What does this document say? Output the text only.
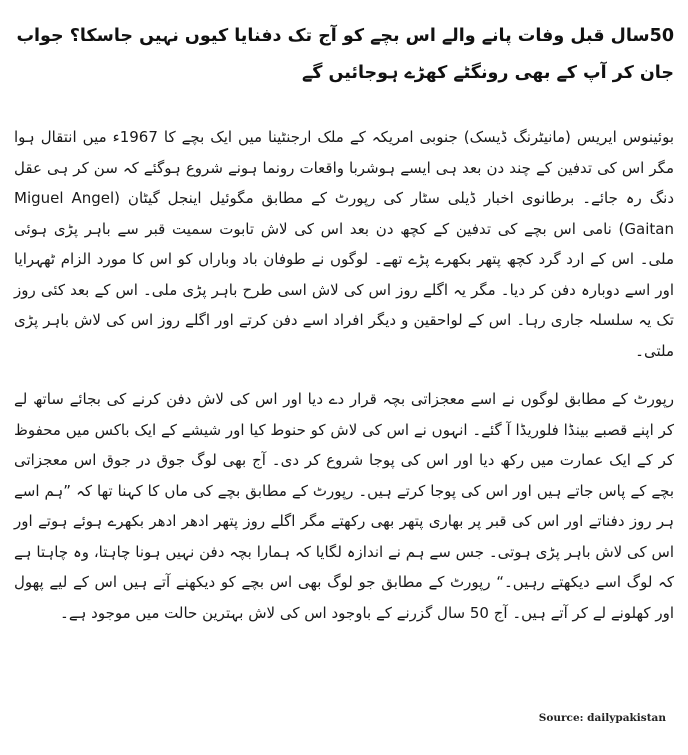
50سال قبل وفات پانے والے اس بچے کو آج تک دفنایا کیوں نہیں جاسکا؟ جواب جان کر آپ کے بھی رونگٹے کھڑے ہوجائیں گے

بوئینوس ایریس (مانیٹرنگ ڈیسک) جنوبی امریکہ کے ملک ارجنٹینا میں ایک بچے کا 1967ء میں انتقال ہوا مگر اس کی تدفین کے چند دن بعد ہی ایسے ہوشربا واقعات رونما ہونے شروع ہوگئے کہ سن کر ہی عقل دنگ رہ جائے۔ برطانوی اخبار ڈیلی سٹار کی رپورٹ کے مطابق مگوئیل اینجل گیٹان (Miguel Angel Gaitan) نامی اس بچے کی تدفین کے کچھ دن بعد اس کی لاش تابوت سمیت قبر سے باہر پڑی ہوئی ملی۔ اس کے ارد گرد کچھ پتھر بکھرے پڑے تھے۔ لوگوں نے طوفان باد وباراں کو اس کا مورد الزام ٹھہرایا اور اسے دوبارہ دفن کر دیا۔ مگر یہ اگلے روز اس کی لاش اسی طرح باہر پڑی ملی۔ اس کے بعد کئی روز تک یہ سلسلہ جاری رہا۔ اس کے لواحقین و دیگر افراد اسے دفن کرتے اور اگلے روز اس کی لاش باہر پڑی ملتی۔

رپورٹ کے مطابق لوگوں نے اسے معجزاتی بچہ قرار دے دیا اور اس کی لاش دفن کرنے کی بجائے ساتھ لے کر اپنے قصبے بینڈا فلوریڈا آ گئے۔ انہوں نے اس کی لاش کو حنوط کیا اور شیشے کے ایک باکس میں محفوظ کر کے ایک عمارت میں رکھ دیا اور اس کی پوجا شروع کر دی۔ آج بھی لوگ جوق در جوق اس معجزاتی بچے کے پاس جاتے ہیں اور اس کی پوجا کرتے ہیں۔ رپورٹ کے مطابق بچے کی ماں کا کہنا تھا کہ ”ہم اسے ہر روز دفناتے اور اس کی قبر پر بھاری پتھر بھی رکھتے مگر اگلے روز پتھر ادھر ادھر بکھرے ہوئے ہوتے اور اس کی لاش باہر پڑی ہوتی۔ جس سے ہم نے اندازہ لگایا کہ ہمارا بچہ دفن نہیں ہونا چاہتا، وہ چاہتا ہے کہ لوگ اسے دیکھتے رہیں۔“ رپورٹ کے مطابق جو لوگ بھی اس بچے کو دیکھنے آتے ہیں اس کے لیے پھول اور کھلونے لے کر آتے ہیں۔ آج 50 سال گزرنے کے باوجود اس کی لاش بہترین حالت میں موجود ہے۔

Source: dailypakistan
